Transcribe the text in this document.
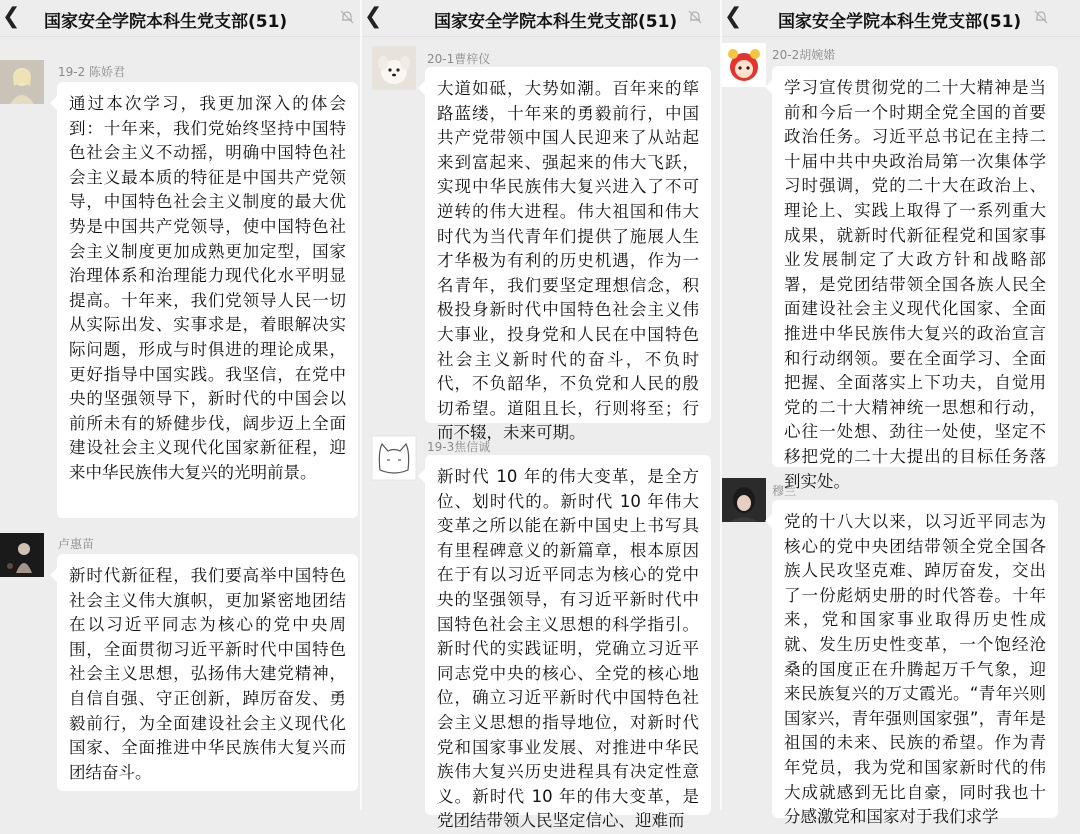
❮ 国家安全学院本科生党支部(51)
19-2 陈娇君
通过本次学习，我更加深入的体会到：十年来，我们党始终坚持中国特色社会主义不动摇，明确中国特色社会主义最本质的特征是中国共产党领导，中国特色社会主义制度的最大优势是中国共产党领导，使中国特色社会主义制度更加成熟更加定型，国家治理体系和治理能力现代化水平明显提高。十年来，我们党领导人民一切从实际出发、实事求是，着眼解决实际问题，形成与时俱进的理论成果，更好指导中国实践。我坚信，在党中央的坚强领导下，新时代的中国会以前所未有的矫健步伐，阔步迈上全面建设社会主义现代化国家新征程，迎来中华民族伟大复兴的光明前景。
卢惠苗
新时代新征程，我们要高举中国特色社会主义伟大旗帜，更加紧密地团结在以习近平同志为核心的党中央周围，全面贯彻习近平新时代中国特色社会主义思想，弘扬伟大建党精神，自信自强、守正创新，踔厉奋发、勇毅前行，为全面建设社会主义现代化国家、全面推进中华民族伟大复兴而团结奋斗。
❮	国家安全学院本科生党支部(51)
20-1曹梓仪
大道如砥，大势如潮。百年来的筚路蓝缕，十年来的勇毅前行，中国共产党带领中国人民迎来了从站起来到富起来、强起来的伟大飞跃，实现中华民族伟大复兴进入了不可逆转的伟大进程。伟大祖国和伟大时代为当代青年们提供了施展人生才华极为有利的历史机遇，作为一名青年，我们要坚定理想信念，积极投身新时代中国特色社会主义伟大事业，投身党和人民在中国特色社会主义新时代的奋斗，不负时代，不负韶华，不负党和人民的殷切希望。道阻且长，行则将至；行而不辍，未来可期。
19-3焦信诚
新时代 10 年的伟大变革，是全方位、划时代的。新时代 10 年伟大变革之所以能在新中国史上书写具有里程碑意义的新篇章，根本原因在于有以习近平同志为核心的党中央的坚强领导，有习近平新时代中国特色社会主义思想的科学指引。新时代的实践证明，党确立习近平同志党中央的核心、全党的核心地位，确立习近平新时代中国特色社会主义思想的指导地位，对新时代党和国家事业发展、对推进中华民族伟大复兴历史进程具有决定性意义。新时代 10 年的伟大变革，是党团结带领人民坚定信心、迎难而
❮ 国家安全学院本科生党支部(51)
20-2胡婉婼
学习宣传贯彻党的二十大精神是当前和今后一个时期全党全国的首要政治任务。习近平总书记在主持二十届中共中央政治局第一次集体学习时强调，党的二十大在政治上、理论上、实践上取得了一系列重大成果，就新时代新征程党和国家事业发展制定了大政方针和战略部署，是党团结带领全国各族人民全面建设社会主义现代化国家、全面推进中华民族伟大复兴的政治宣言和行动纲领。要在全面学习、全面把握、全面落实上下功夫，自觉用党的二十大精神统一思想和行动，心往一处想、劲往一处使，坚定不移把党的二十大提出的目标任务落到实处。
穆兰
党的十八大以来，以习近平同志为核心的党中央团结带领全党全国各族人民攻坚克难、踔厉奋发，交出了一份彪炳史册的时代答卷。十年来，党和国家事业取得历史性成就、发生历史性变革，一个饱经沧桑的国度正在升腾起万千气象，迎来民族复兴的万丈霞光。“青年兴则国家兴，青年强则国家强”，青年是祖国的未来、民族的希望。作为青年党员，我为党和国家新时代的伟大成就感到无比自豪，同时我也十分感激党和国家对于我们求学
